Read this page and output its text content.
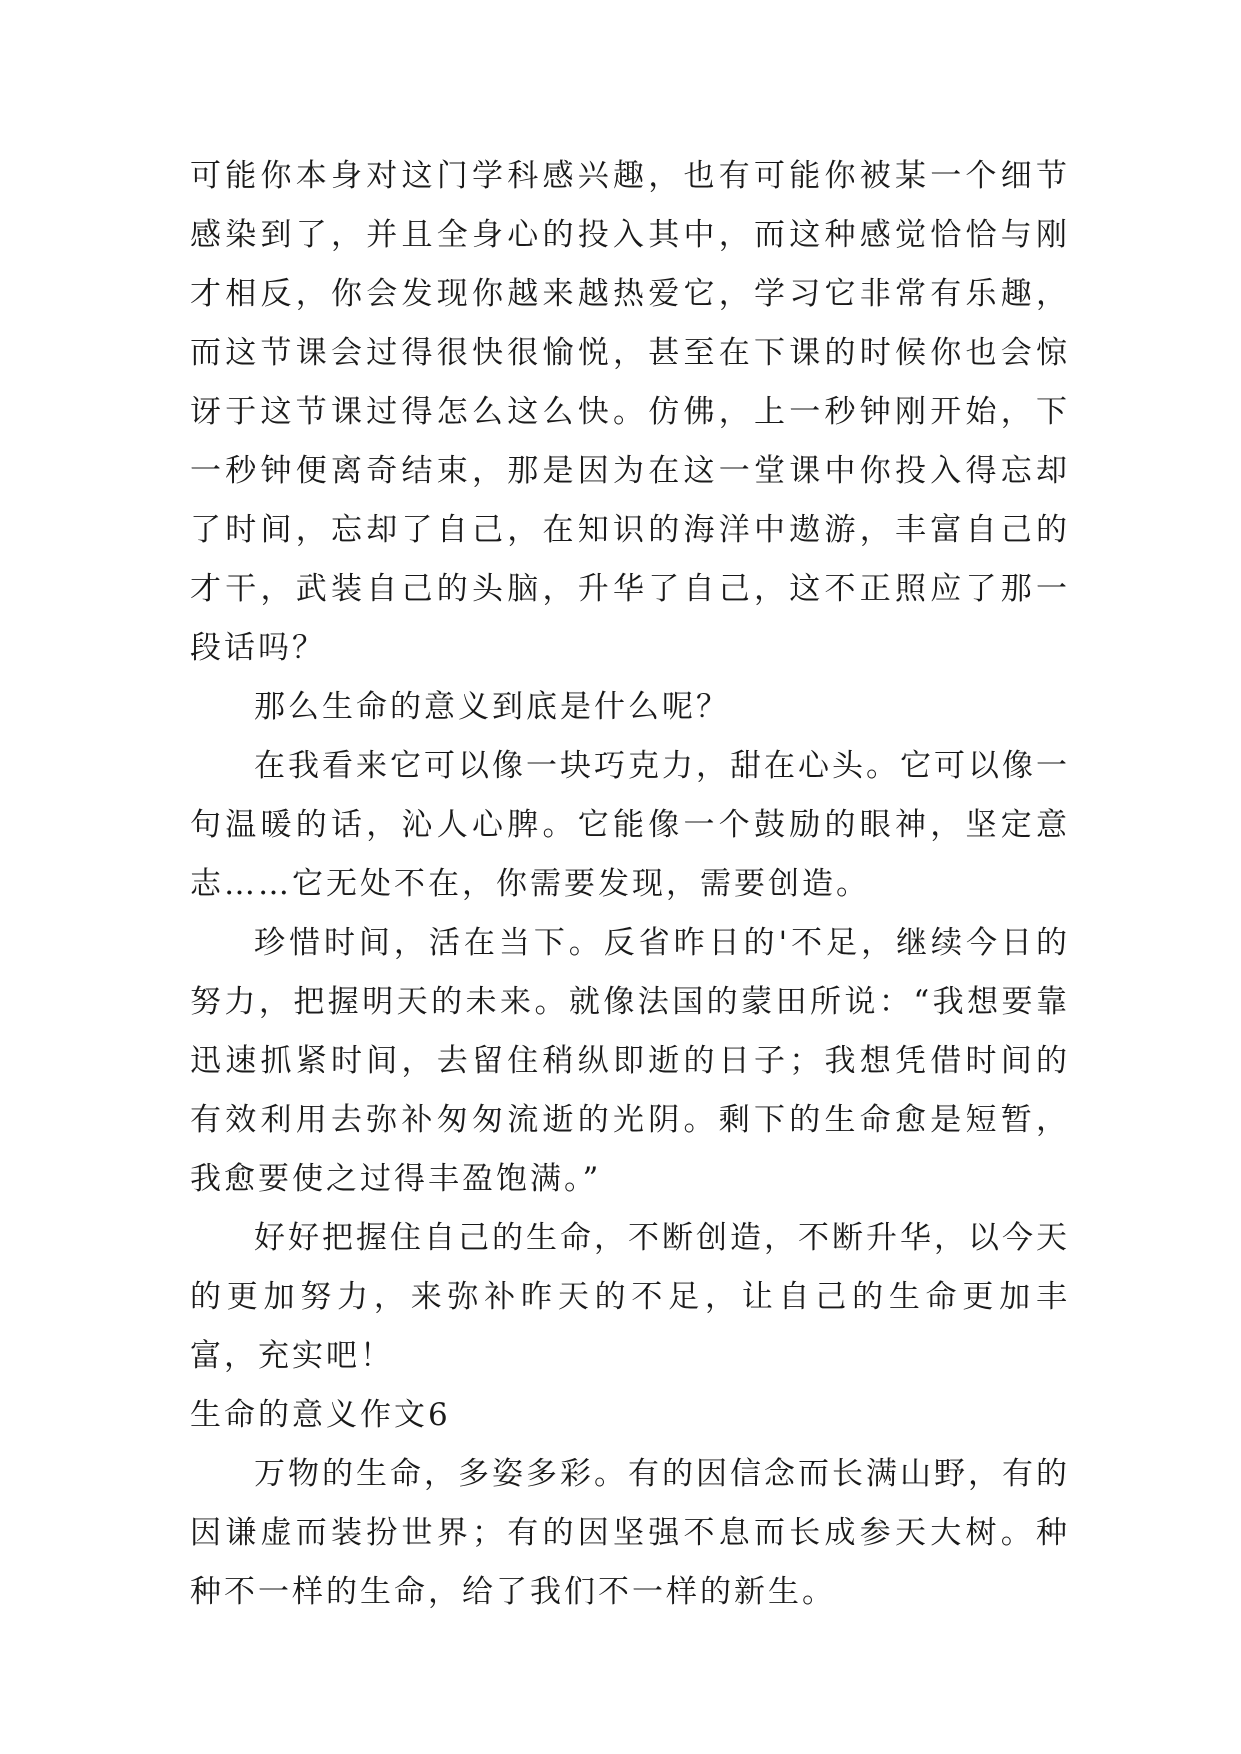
可能你本身对这门学科感兴趣，也有可能你被某一个细节感染到了，并且全身心的投入其中，而这种感觉恰恰与刚才相反，你会发现你越来越热爱它，学习它非常有乐趣，而这节课会过得很快很愉悦，甚至在下课的时候你也会惊讶于这节课过得怎么这么快。仿佛，上一秒钟刚开始，下一秒钟便离奇结束，那是因为在这一堂课中你投入得忘却了时间，忘却了自己，在知识的海洋中遨游，丰富自己的才干，武装自己的头脑，升华了自己，这不正照应了那一段话吗？

那么生命的意义到底是什么呢？

在我看来它可以像一块巧克力，甜在心头。它可以像一句温暖的话，沁人心脾。它能像一个鼓励的眼神，坚定意志……它无处不在，你需要发现，需要创造。

珍惜时间，活在当下。反省昨日的'不足，继续今日的努力，把握明天的未来。就像法国的蒙田所说：“我想要靠迅速抓紧时间，去留住稍纵即逝的日子；我想凭借时间的有效利用去弥补匆匆流逝的光阴。剩下的生命愈是短暂，我愈要使之过得丰盈饱满。”

好好把握住自己的生命，不断创造，不断升华，以今天的更加努力，来弥补昨天的不足，让自己的生命更加丰富，充实吧！

生命的意义作文6

万物的生命，多姿多彩。有的因信念而长满山野，有的因谦虚而装扮世界；有的因坚强不息而长成参天大树。种种不一样的生命，给了我们不一样的新生。
